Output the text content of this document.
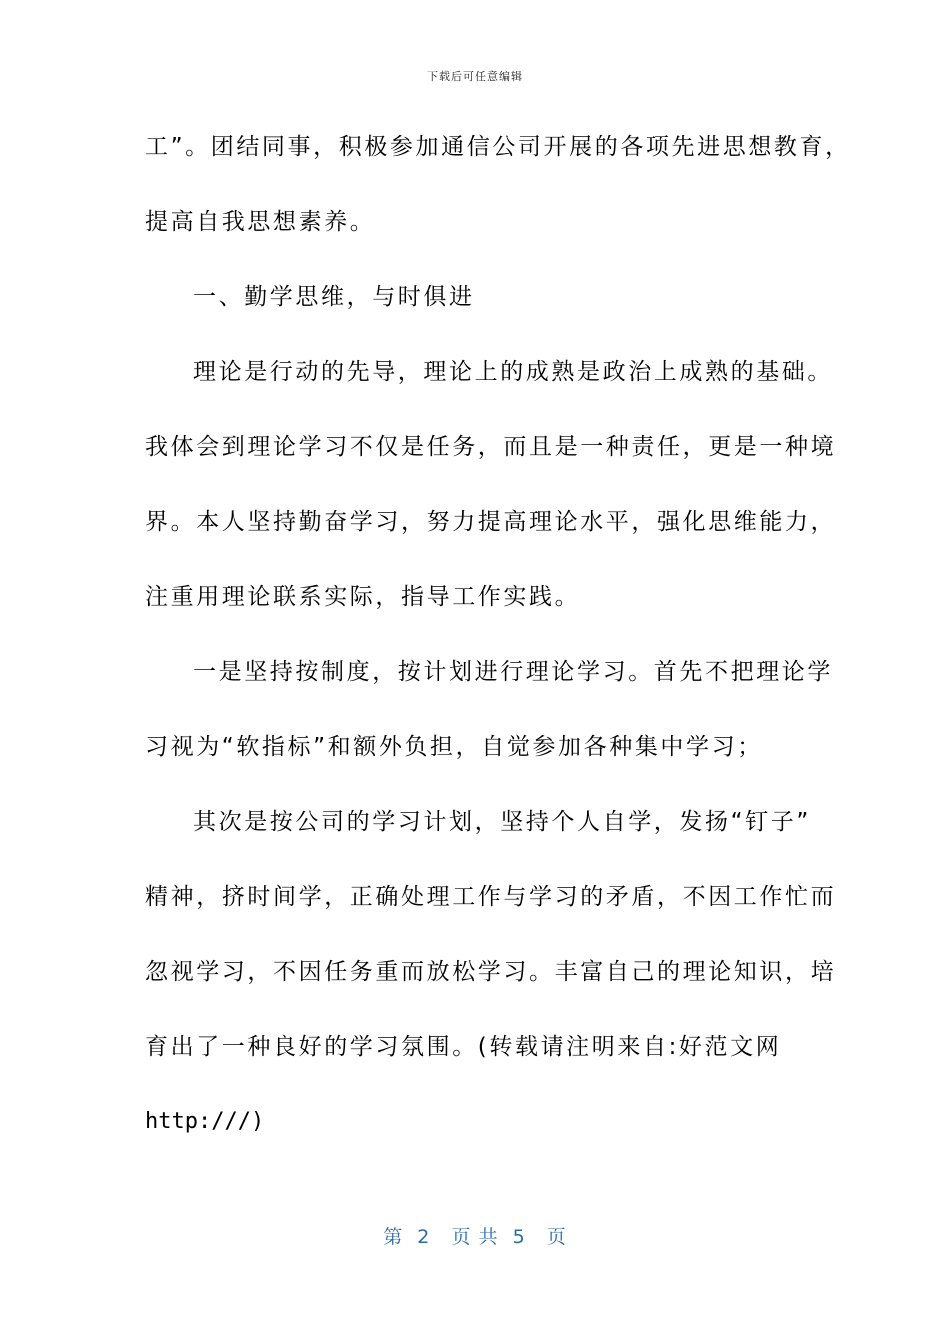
下载后可任意编辑
工”。团结同事，积极参加通信公司开展的各项先进思想教育，
提高自我思想素养。
一、勤学思维，与时俱进
理论是行动的先导，理论上的成熟是政治上成熟的基础。
我体会到理论学习不仅是任务，而且是一种责任，更是一种境
界。本人坚持勤奋学习，努力提高理论水平，强化思维能力，
注重用理论联系实际，指导工作实践。
一是坚持按制度，按计划进行理论学习。首先不把理论学
习视为“软指标”和额外负担，自觉参加各种集中学习；
其次是按公司的学习计划，坚持个人自学，发扬“钉子”
精神，挤时间学，正确处理工作与学习的矛盾，不因工作忙而
忽视学习，不因任务重而放松学习。丰富自己的理论知识，培
育出了一种良好的学习氛围。(转载请注明来自:好范文网
http:///)
第  2   页 共  5   页
